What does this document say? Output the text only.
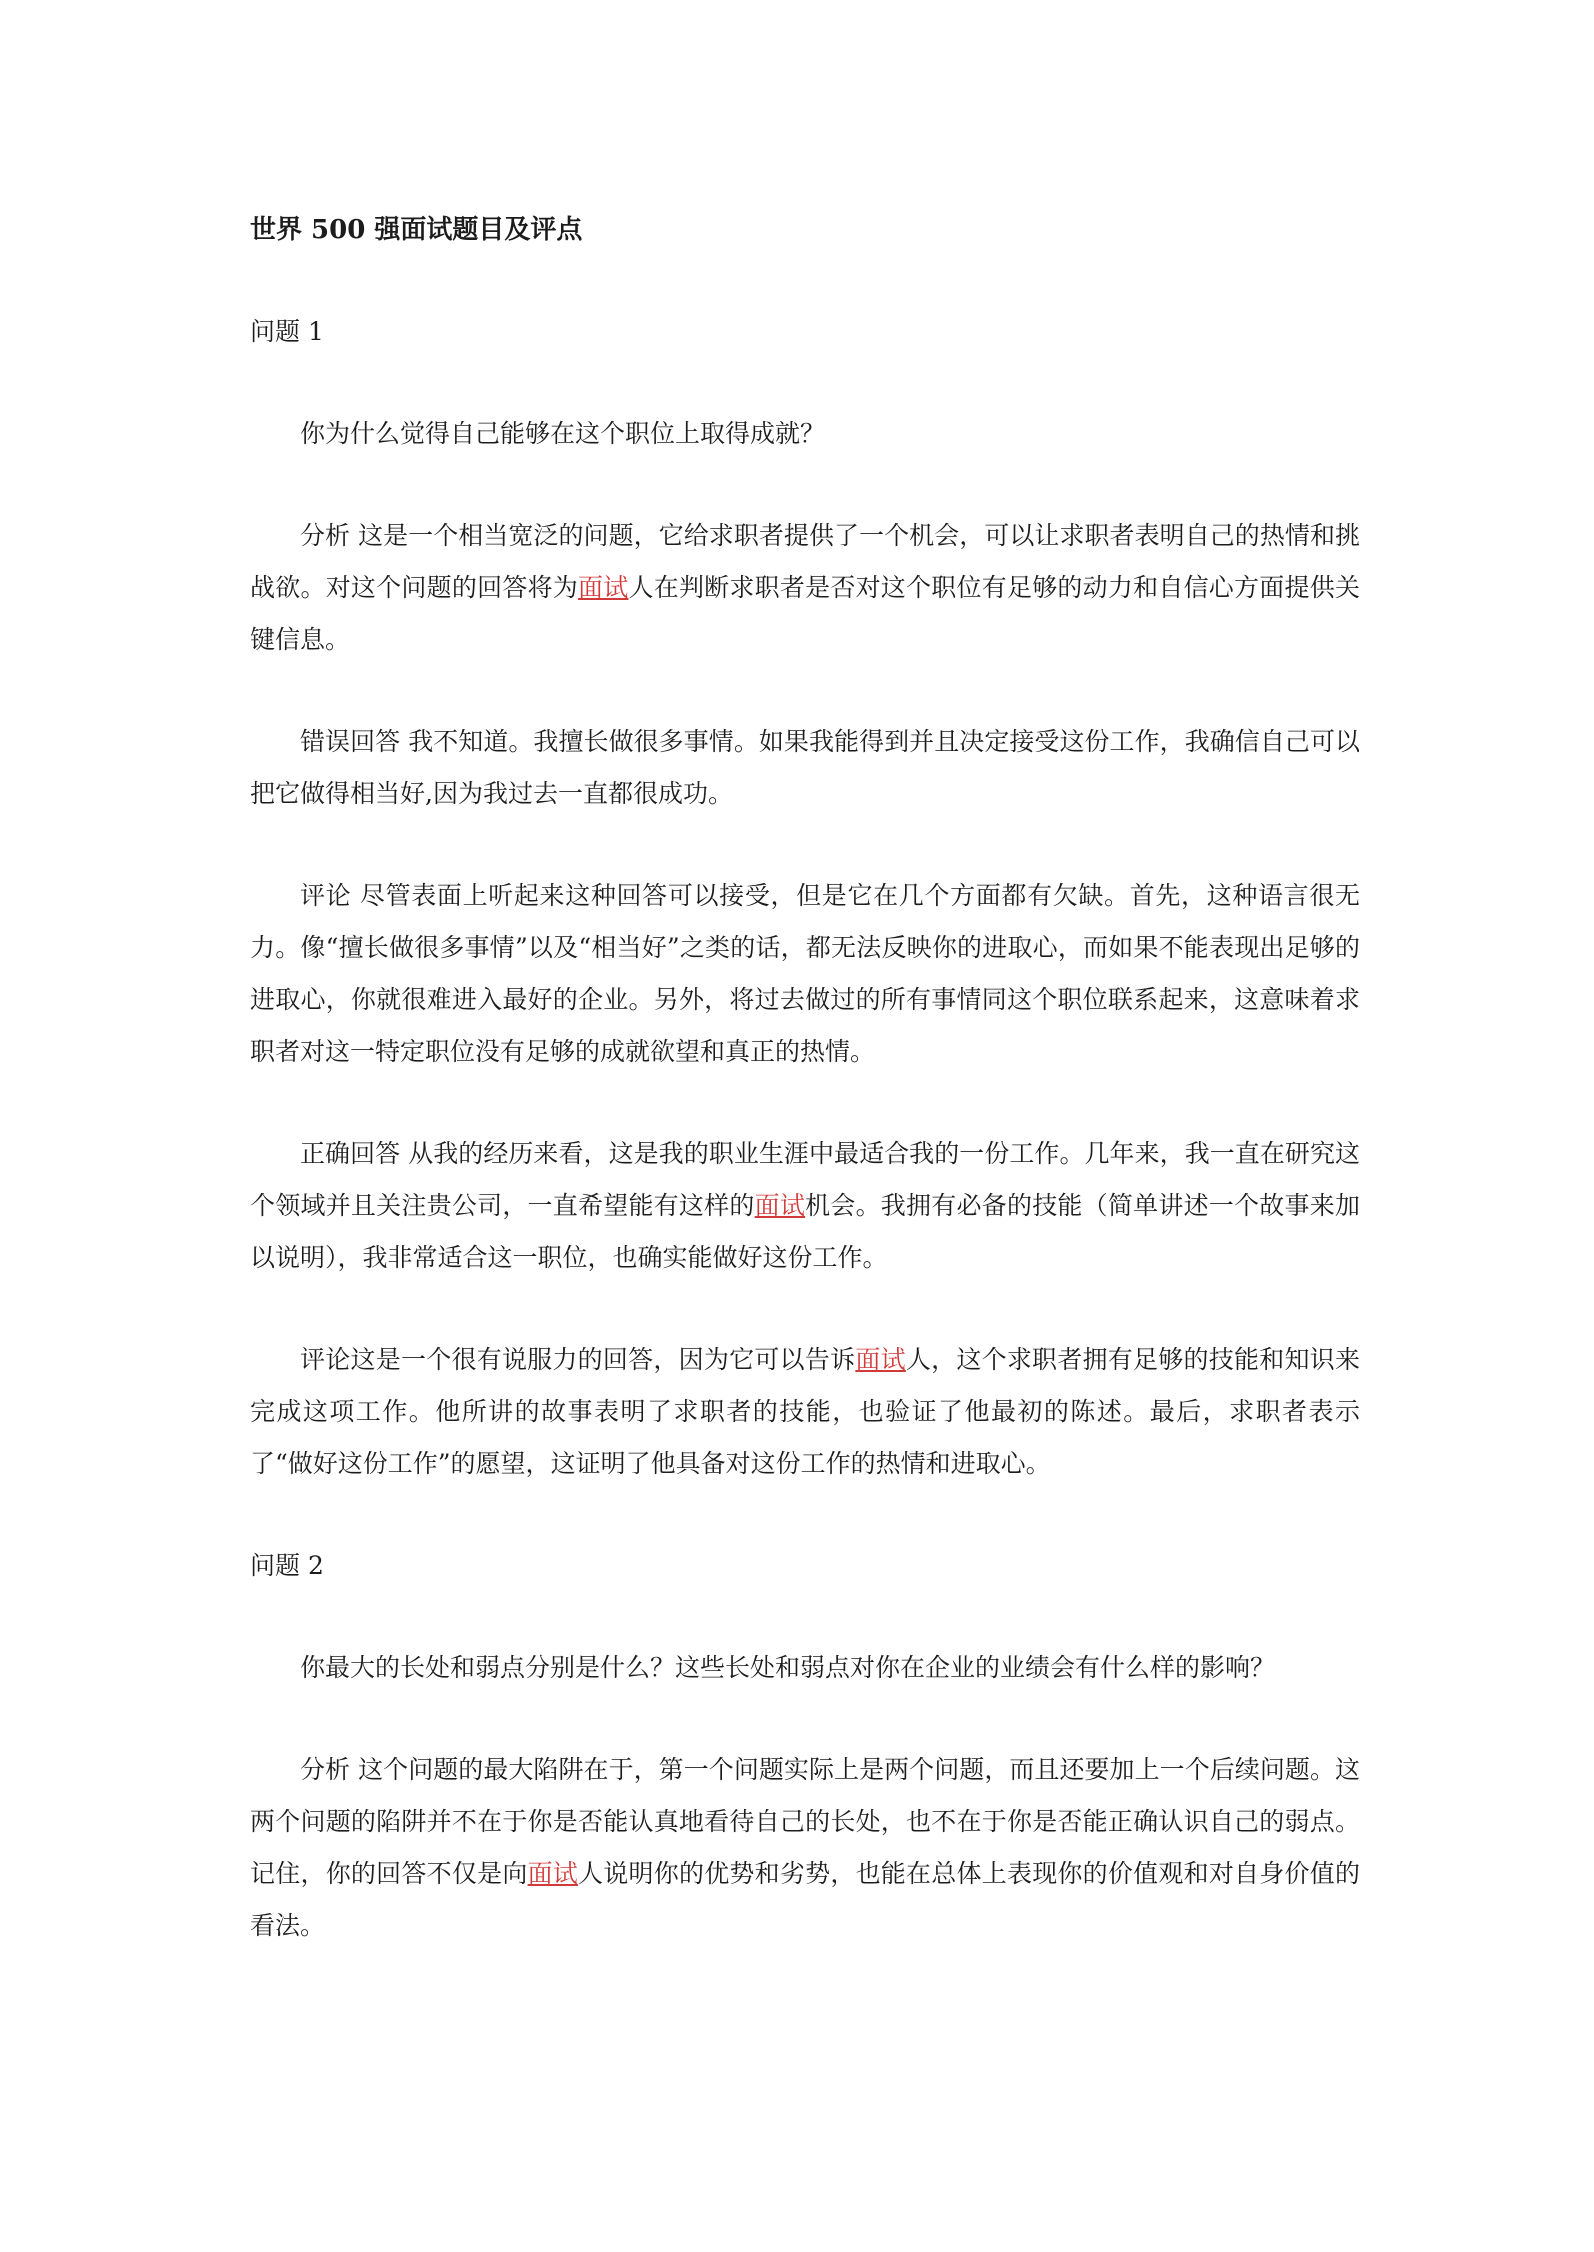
世界 500 强面试题目及评点

问题 1

你为什么觉得自己能够在这个职位上取得成就？

分析 这是一个相当宽泛的问题，它给求职者提供了一个机会，可以让求职者表明自己的热情和挑战欲。对这个问题的回答将为面试人在判断求职者是否对这个职位有足够的动力和自信心方面提供关键信息。

错误回答 我不知道。我擅长做很多事情。如果我能得到并且决定接受这份工作，我确信自己可以把它做得相当好,因为我过去一直都很成功。

评论 尽管表面上听起来这种回答可以接受，但是它在几个方面都有欠缺。首先，这种语言很无力。像“擅长做很多事情”以及“相当好”之类的话，都无法反映你的进取心，而如果不能表现出足够的进取心，你就很难进入最好的企业。另外，将过去做过的所有事情同这个职位联系起来，这意味着求职者对这一特定职位没有足够的成就欲望和真正的热情。

正确回答 从我的经历来看，这是我的职业生涯中最适合我的一份工作。几年来，我一直在研究这个领域并且关注贵公司，一直希望能有这样的面试机会。我拥有必备的技能（简单讲述一个故事来加以说明），我非常适合这一职位，也确实能做好这份工作。

评论这是一个很有说服力的回答，因为它可以告诉面试人，这个求职者拥有足够的技能和知识来完成这项工作。他所讲的故事表明了求职者的技能，也验证了他最初的陈述。最后，求职者表示了“做好这份工作”的愿望，这证明了他具备对这份工作的热情和进取心。

问题 2

你最大的长处和弱点分别是什么？这些长处和弱点对你在企业的业绩会有什么样的影响？

分析 这个问题的最大陷阱在于，第一个问题实际上是两个问题，而且还要加上一个后续问题。这两个问题的陷阱并不在于你是否能认真地看待自己的长处，也不在于你是否能正确认识自己的弱点。记住，你的回答不仅是向面试人说明你的优势和劣势，也能在总体上表现你的价值观和对自身价值的看法。
